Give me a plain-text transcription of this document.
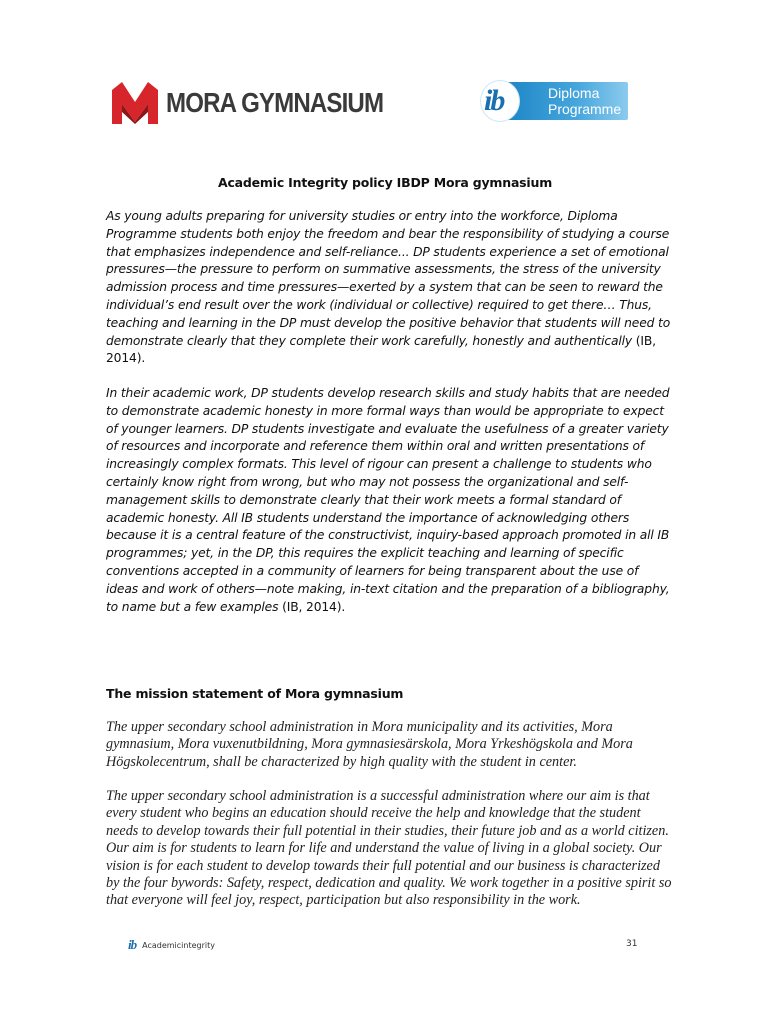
MORA GYMNASIUM	Diploma
Programme
ib
Academic Integrity policy IBDP Mora gymnasium

As young adults preparing for university studies or entry into the workforce, Diploma Programme students both enjoy the freedom and bear the responsibility of studying a course that emphasizes independence and self-reliance... DP students experience a set of emotional pressures—the pressure to perform on summative assessments, the stress of the university admission process and time pressures—exerted by a system that can be seen to reward the individual’s end result over the work (individual or collective) required to get there… Thus, teaching and learning in the DP must develop the positive behavior that students will need to demonstrate clearly that they complete their work carefully, honestly and authentically (IB, 2014).

In their academic work, DP students develop research skills and study habits that are needed to demonstrate academic honesty in more formal ways than would be appropriate to expect of younger learners. DP students investigate and evaluate the usefulness of a greater variety of resources and incorporate and reference them within oral and written presentations of increasingly complex formats. This level of rigour can present a challenge to students who certainly know right from wrong, but who may not possess the organizational and self-management skills to demonstrate clearly that their work meets a formal standard of academic honesty. All IB students understand the importance of acknowledging others because it is a central feature of the constructivist, inquiry-based approach promoted in all IB programmes; yet, in the DP, this requires the explicit teaching and learning of specific conventions accepted in a community of learners for being transparent about the use of ideas and work of others—note making, in-text citation and the preparation of a bibliography, to name but a few examples (IB, 2014).

The mission statement of Mora gymnasium

The upper secondary school administration in Mora municipality and its activities, Mora gymnasium, Mora vuxenutbildning, Mora gymnasiesärskola, Mora Yrkeshögskola and Mora Högskolecentrum, shall be characterized by high quality with the student in center.

The upper secondary school administration is a successful administration where our aim is that every student who begins an education should receive the help and knowledge that the student needs to develop towards their full potential in their studies, their future job and as a world citizen. Our aim is for students to learn for life and understand the value of living in a global society. Our vision is for each student to develop towards their full potential and our business is characterized by the four bywords: Safety, respect, dedication and quality. We work together in a positive spirit so that everyone will feel joy, respect, participation but also responsibility in the work.

ib Academicintegrity	31
